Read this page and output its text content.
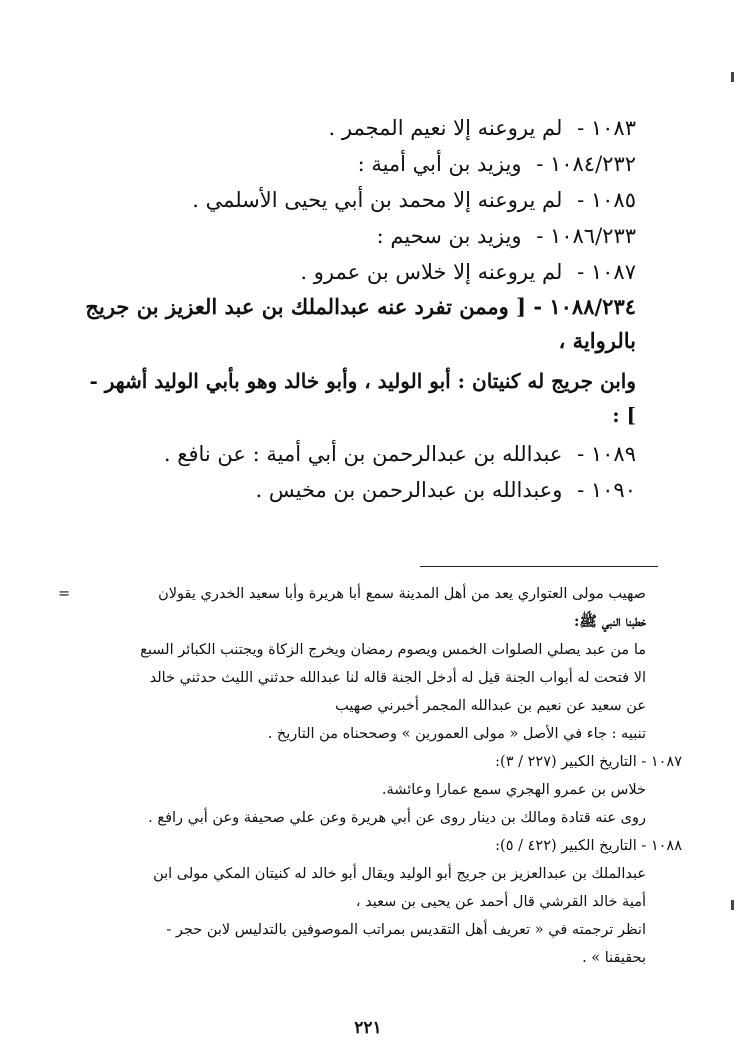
١٠٨٣ - لم يروعنه إلا نعيم المجمر .

١٠٨٤/٢٣٢ - ويزيد بن أبي أمية :

١٠٨٥ - لم يروعنه إلا محمد بن أبي يحيى الأسلمي .

١٠٨٦/٢٣٣ - ويزيد بن سحيم :

١٠٨٧ - لم يروعنه إلا خلاس بن عمرو .

١٠٨٨/٢٣٤ - [ وممن تفرد عنه عبدالملك بن عبد العزيز بن جريج بالرواية ،

وابن جريج له كنيتان : أبو الوليد ، وأبو خالد وهو بأبي الوليد أشهر - ] :

١٠٨٩ - عبدالله بن عبدالرحمن بن أبي أمية : عن نافع .

١٠٩٠ - وعبدالله بن عبدالرحمن بن مخيس .

=	صهيب مولى العتواري يعد من أهل المدينة سمع أبا هريرة وأبا سعيد الخدري يقولان

خطبنا النبي ﷺ:

ما من عبد يصلي الصلوات الخمس ويصوم رمضان ويخرج الزكاة ويجتنب الكبائر السبع

الا فتحت له أبواب الجنة قيل له أدخل الجنة قاله لنا عبدالله حدثني الليث حدثني خالد

عن سعيد عن نعيم بن عبدالله المجمر أخبرني صهيب

تنبيه : جاء في الأصل « مولى العمورين » وصححناه من التاريخ .

١٠٨٧ - التاريخ الكبير (٢٢٧ / ٣):

خلاس بن عمرو الهجري سمع عمارا وعائشة.

روى عنه قتادة ومالك بن دينار روى عن أبي هريرة وعن علي صحيفة وعن أبي رافع .

١٠٨٨ - التاريخ الكبير (٤٢٢ / ٥):

عبدالملك بن عبدالعزيز بن جريج أبو الوليد ويقال أبو خالد له كنيتان المكي مولى ابن

أمية خالد القرشي قال أحمد عن يحيى بن سعيد ،

انظر ترجمته في « تعريف أهل التقديس بمراتب الموصوفين بالتدليس لابن حجر -

بحقيقنا » .

٢٢١
